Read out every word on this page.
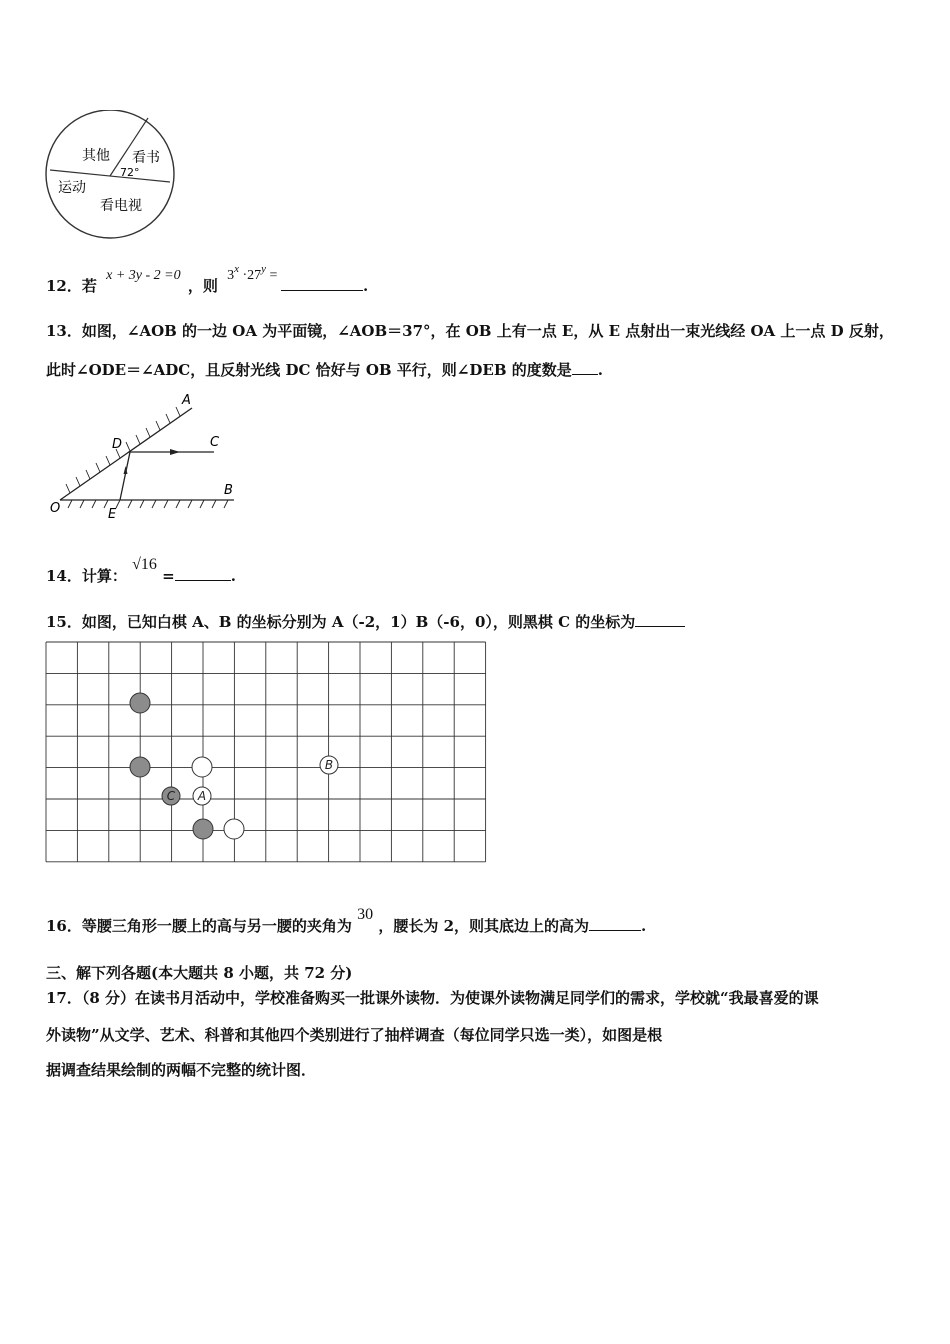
其他 看书
72°
运动
看电视
12．若 x + 3y - 2 =0 ，则 $3^x \cdot 27^y$ = .
13．如图，∠AOB 的一边 OA 为平面镜，∠AOB＝37°，在 OB 上有一点 E，从 E 点射出一束光线经 OA 上一点 D 反射，
此时∠ODE＝∠ADC，且反射光线 DC 恰好与 OB 平行，则∠DEB 的度数是 .
A
B
C
D
E
O
14．计算： √16 =	.
15．如图，已知白棋 A、B 的坐标分别为 A（-2，1）B（-6，0），则黑棋 C 的坐标为
A
B
C
16．等腰三角形一腰上的高与另一腰的夹角为 30 ，腰长为 2，则其底边上的高为	.
三、解下列各题(本大题共 8 小题，共 72 分)
17．（8 分）在读书月活动中，学校准备购买一批课外读物．为使课外读物满足同学们的需求，学校就“我最喜爱的课
外读物”从文学、艺术、科普和其他四个类别进行了抽样调查（每位同学只选一类），如图是根
据调查结果绘制的两幅不完整的统计图．
